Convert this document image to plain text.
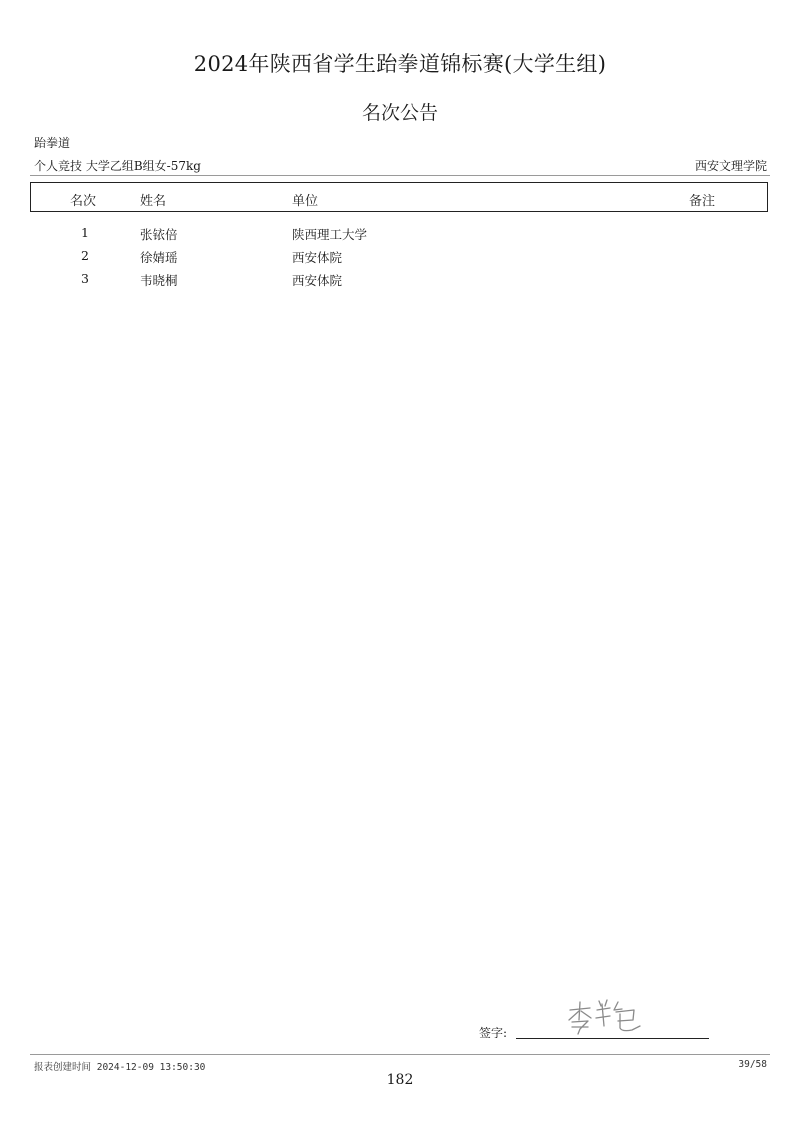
2024年陕西省学生跆拳道锦标赛(大学生组)
名次公告
跆拳道
个人竞技 大学乙组B组女-57kg	西安文理学院
名次	姓名	单位	备注
1	张铱倍	陕西理工大学
2	徐婧瑶	西安体院
3	韦晓桐	西安体院
签字:
报表创建时间 2024-12-09 13:50:30	39/58
182
